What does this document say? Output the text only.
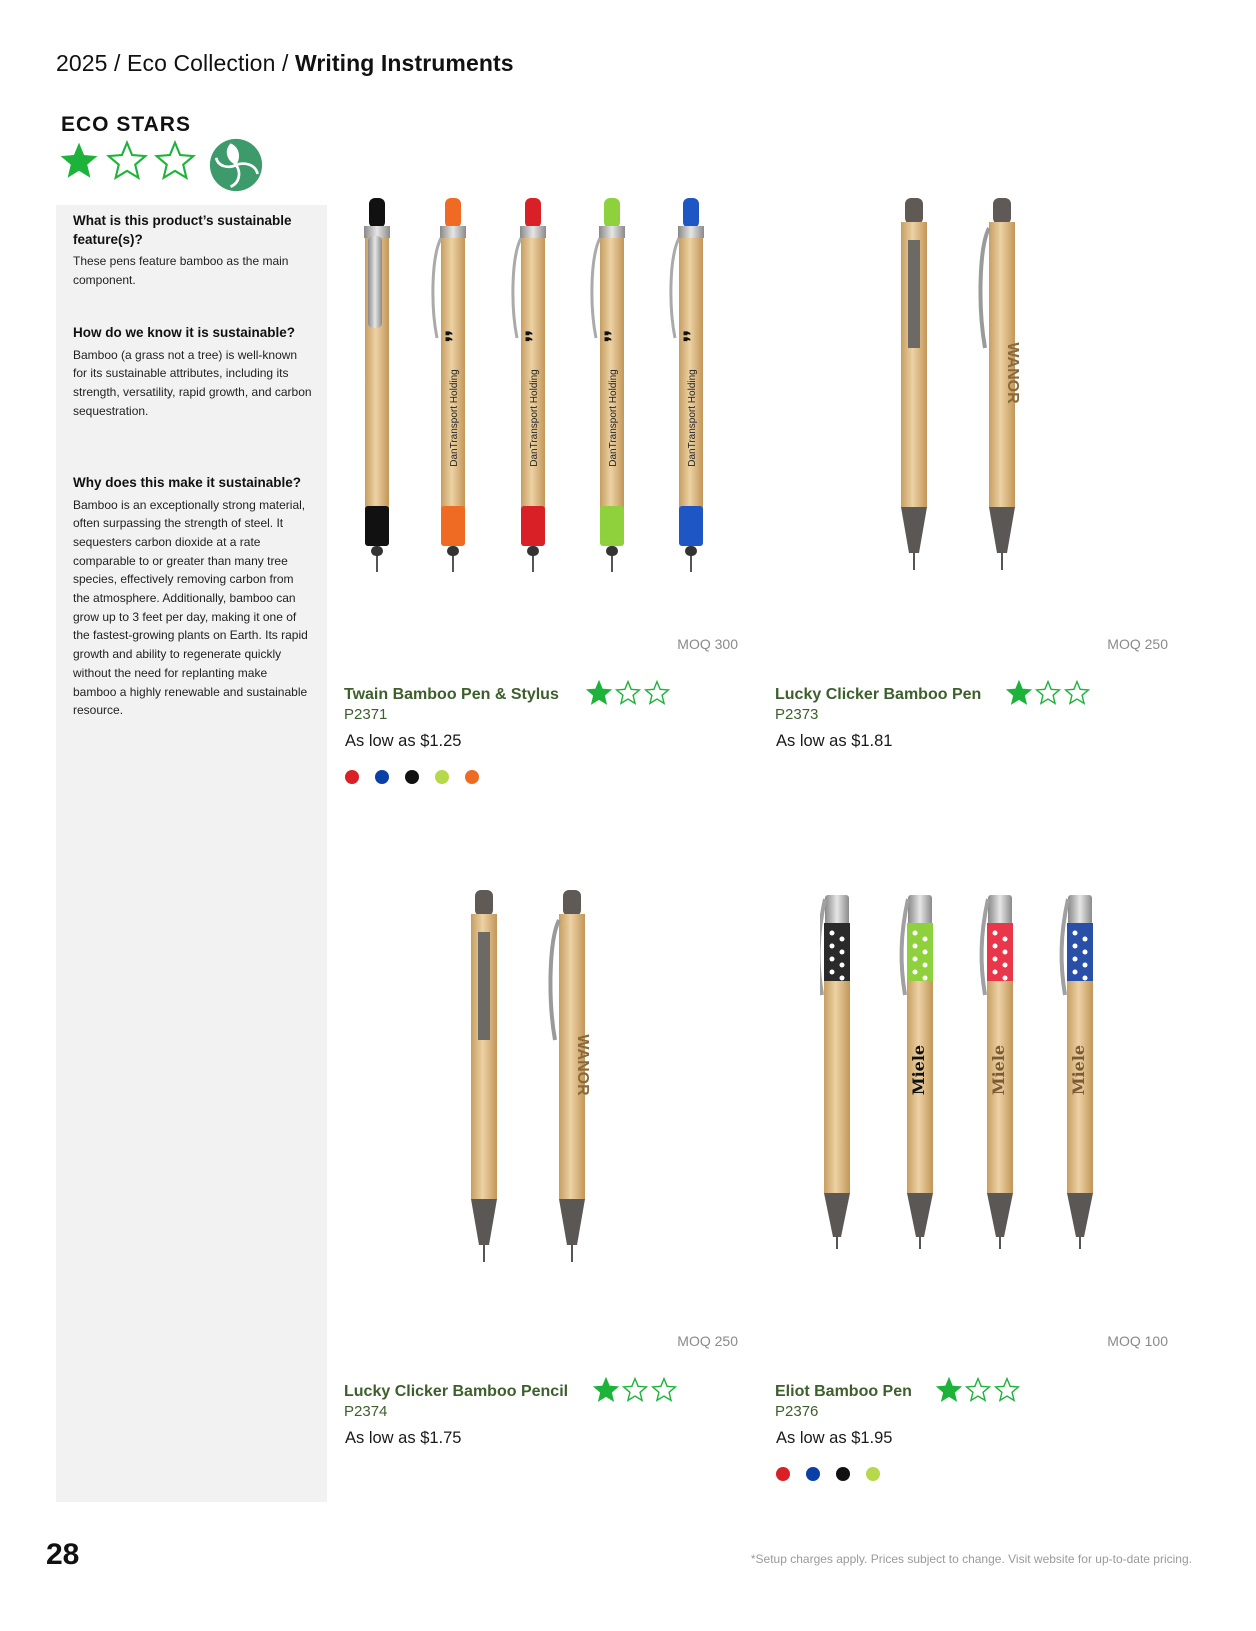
2025 / Eco Collection / Writing Instruments
ECO STARS
What is this product’s sustainable feature(s)?

These pens feature bamboo as the main component.

How do we know it is sustainable?

Bamboo (a grass not a tree) is well-known for its sustainable attributes, including its strength, versatility, rapid growth, and carbon sequestration.

Why does this make it sustainable?

Bamboo is an exceptionally strong material, often surpassing the strength of steel. It sequesters carbon dioxide at a rate comparable to or greater than many tree species, effectively removing carbon from the atmosphere. Additionally, bamboo can grow up to 3 feet per day, making it one of the fastest-growing plants on Earth. Its rapid growth and ability to regenerate quickly without the need for replanting make bamboo a highly renewable and sustainable resource.

DanTransport Holding
❜❜
DanTransport Holding
❜❜
DanTransport Holding
❜❜
DanTransport Holding
❜❜
WANOR
WANOR	Miele	Miele	Miele
MOQ 300
Twain Bamboo Pen & Stylus
P2371
As low as $1.25
MOQ 250
Lucky Clicker Bamboo Pen
P2373
As low as $1.81
MOQ 250
Lucky Clicker Bamboo Pencil
P2374
As low as $1.75
MOQ 100
Eliot Bamboo Pen
P2376
As low as $1.95
28	*Setup charges apply. Prices subject to change. Visit website for up-to-date pricing.
